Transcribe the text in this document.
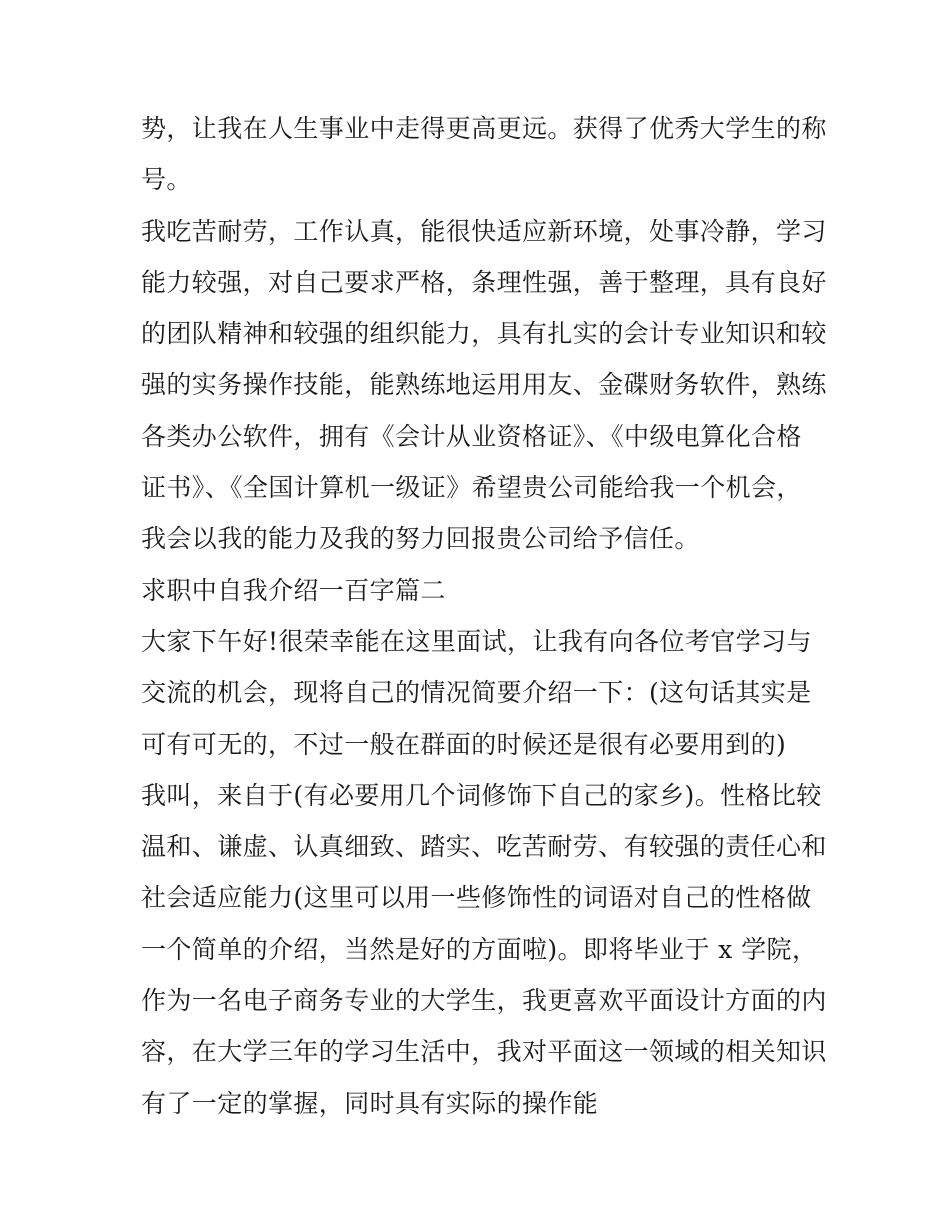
势，让我在人生事业中走得更高更远。获得了优秀大学生的称
号。
我吃苦耐劳，工作认真，能很快适应新环境，处事冷静，学习
能力较强，对自己要求严格，条理性强，善于整理，具有良好
的团队精神和较强的组织能力，具有扎实的会计专业知识和较
强的实务操作技能，能熟练地运用用友、金碟财务软件，熟练
各类办公软件，拥有《会计从业资格证》、《中级电算化合格
证书》、《全国计算机一级证》希望贵公司能给我一个机会，
我会以我的能力及我的努力回报贵公司给予信任。
求职中自我介绍一百字篇二
大家下午好!很荣幸能在这里面试，让我有向各位考官学习与
交流的机会，现将自己的情况简要介绍一下：(这句话其实是
可有可无的，不过一般在群面的时候还是很有必要用到的)
我叫，来自于(有必要用几个词修饰下自己的家乡)。性格比较
温和、谦虚、认真细致、踏实、吃苦耐劳、有较强的责任心和
社会适应能力(这里可以用一些修饰性的词语对自己的性格做
一个简单的介绍，当然是好的方面啦)。即将毕业于 x 学院，
作为一名电子商务专业的大学生，我更喜欢平面设计方面的内
容，在大学三年的学习生活中，我对平面这一领域的相关知识
有了一定的掌握，同时具有实际的操作能
